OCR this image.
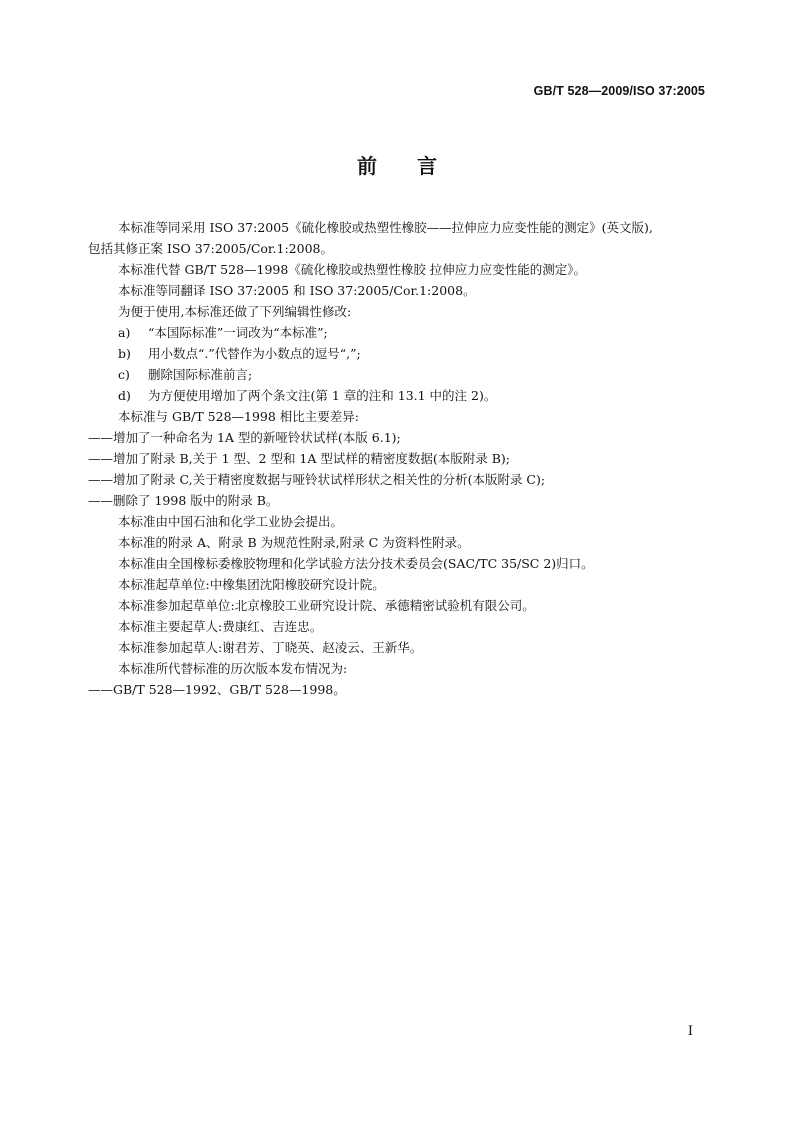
GB/T 528—2009/ISO 37:2005
前 言

本标准等同采用 ISO 37:2005《硫化橡胶或热塑性橡胶——拉伸应力应变性能的测定》(英文版),

包括其修正案 ISO 37:2005/Cor.1:2008。

本标准代替 GB/T 528—1998《硫化橡胶或热塑性橡胶 拉伸应力应变性能的测定》。

本标准等同翻译 ISO 37:2005 和 ISO 37:2005/Cor.1:2008。

为便于使用,本标准还做了下列编辑性修改:

a)	“本国际标准”一词改为“本标准”;
b)	用小数点“.”代替作为小数点的逗号“,”;
c)	删除国际标准前言;
d)	为方便使用增加了两个条文注(第 1 章的注和 13.1 中的注 2)。

本标准与 GB/T 528—1998 相比主要差异:

——增加了一种命名为 1A 型的新哑铃状试样(本版 6.1);

——增加了附录 B,关于 1 型、2 型和 1A 型试样的精密度数据(本版附录 B);

——增加了附录 C,关于精密度数据与哑铃状试样形状之相关性的分析(本版附录 C);

——删除了 1998 版中的附录 B。

本标准由中国石油和化学工业协会提出。

本标准的附录 A、附录 B 为规范性附录,附录 C 为资料性附录。

本标准由全国橡标委橡胶物理和化学试验方法分技术委员会(SAC/TC 35/SC 2)归口。

本标准起草单位:中橡集团沈阳橡胶研究设计院。

本标准参加起草单位:北京橡胶工业研究设计院、承德精密试验机有限公司。

本标准主要起草人:费康红、吉连忠。

本标准参加起草人:谢君芳、丁晓英、赵凌云、王新华。

本标准所代替标准的历次版本发布情况为:

——GB/T 528—1992、GB/T 528—1998。

I
